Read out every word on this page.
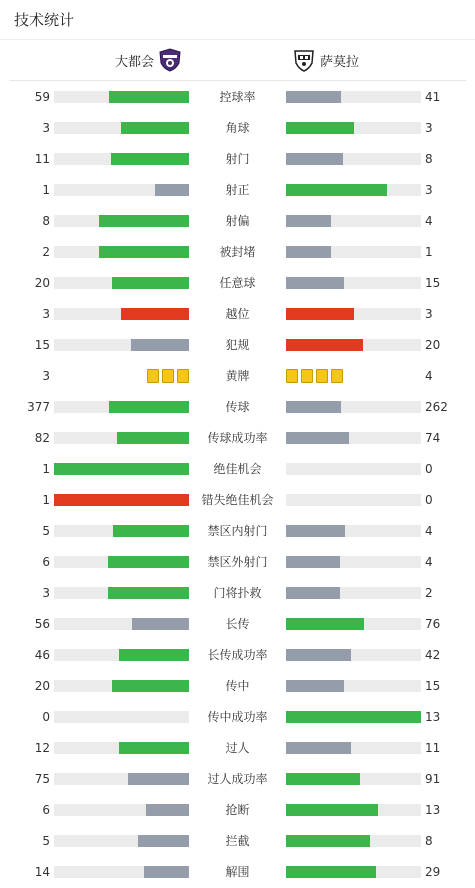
技术统计
大都会	萨莫拉
59	控球率	41
3	角球	3
11	射门	8
1	射正	3
8	射偏	4
2	被封堵	1
20	任意球	15
3	越位	3
15	犯规	20
3	黄牌	4
377	传球	262
82	传球成功率	74
1	绝佳机会	0
1	错失绝佳机会	0
5	禁区内射门	4
6	禁区外射门	4
3	门将扑救	2
56	长传	76
46	长传成功率	42
20	传中	15
0	传中成功率	13
12	过人	11
75	过人成功率	91
6	抢断	13
5	拦截	8
14	解围	29
